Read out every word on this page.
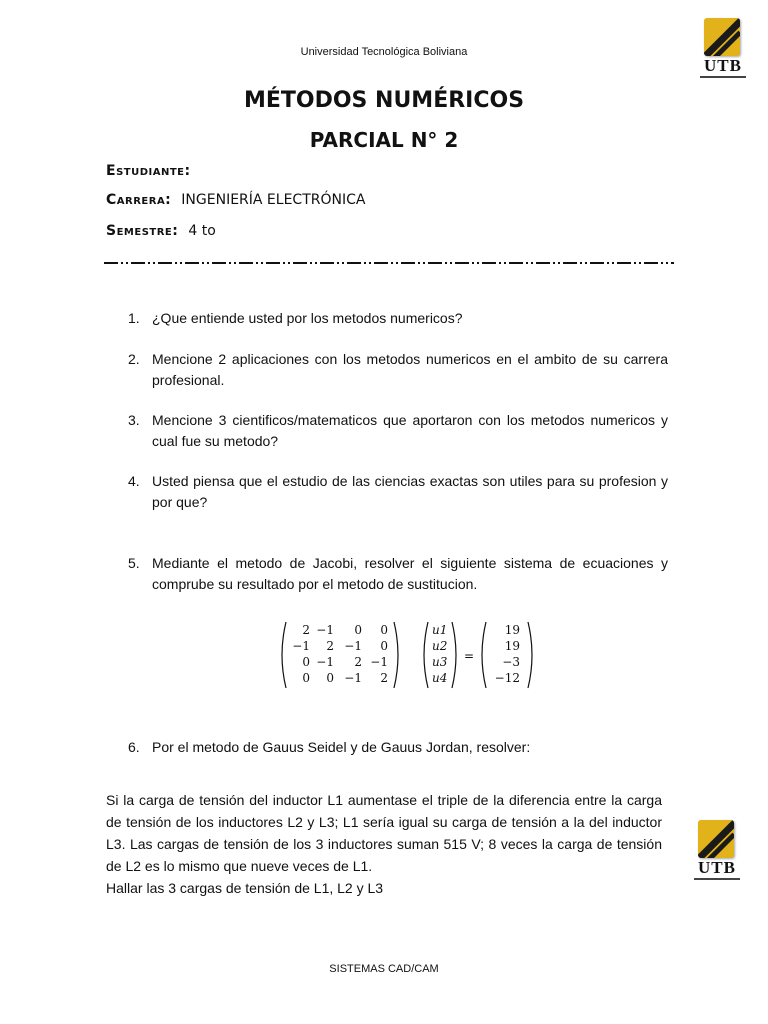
Universidad Tecnológica Boliviana
UTB
MÉTODOS NUMÉRICOS
PARCIAL N° 2
Estudiante:
Carrera: INGENIERÍA ELECTRÓNICA
Semestre: 4 to
1. ¿Que entiende usted por los metodos numericos?
2. Mencione 2 aplicaciones con los metodos numericos en el ambito de su carrera profesional.
3. Mencione 3 cientificos/matematicos que aportaron con los metodos numericos y cual fue su metodo?
4. Usted piensa que el estudio de las ciencias exactas son utiles para su profesion y por que?
5. Mediante el metodo de Jacobi, resolver el siguiente sistema de ecuaciones y comprube su resultado por el metodo de sustitucion.
=
2 −1 0 0
−1 2 −1 0
0 −1 2 −1
0 0 −1 2
u1
u2
u3
u4
19
19
−3
−12
6. Por el metodo de Gauus Seidel y de Gauus Jordan, resolver:
Si la carga de tensión del inductor L1 aumentase el triple de la diferencia entre la carga de tensión de los inductores L2 y L3; L1 sería igual su carga de tensión a la del inductor L3. Las cargas de tensión de los 3 inductores suman 515 V; 8 veces la carga de tensión de L2 es lo mismo que nueve veces de L1.
Hallar las 3 cargas de tensión de L1, L2 y L3
UTB
SISTEMAS CAD/CAM
